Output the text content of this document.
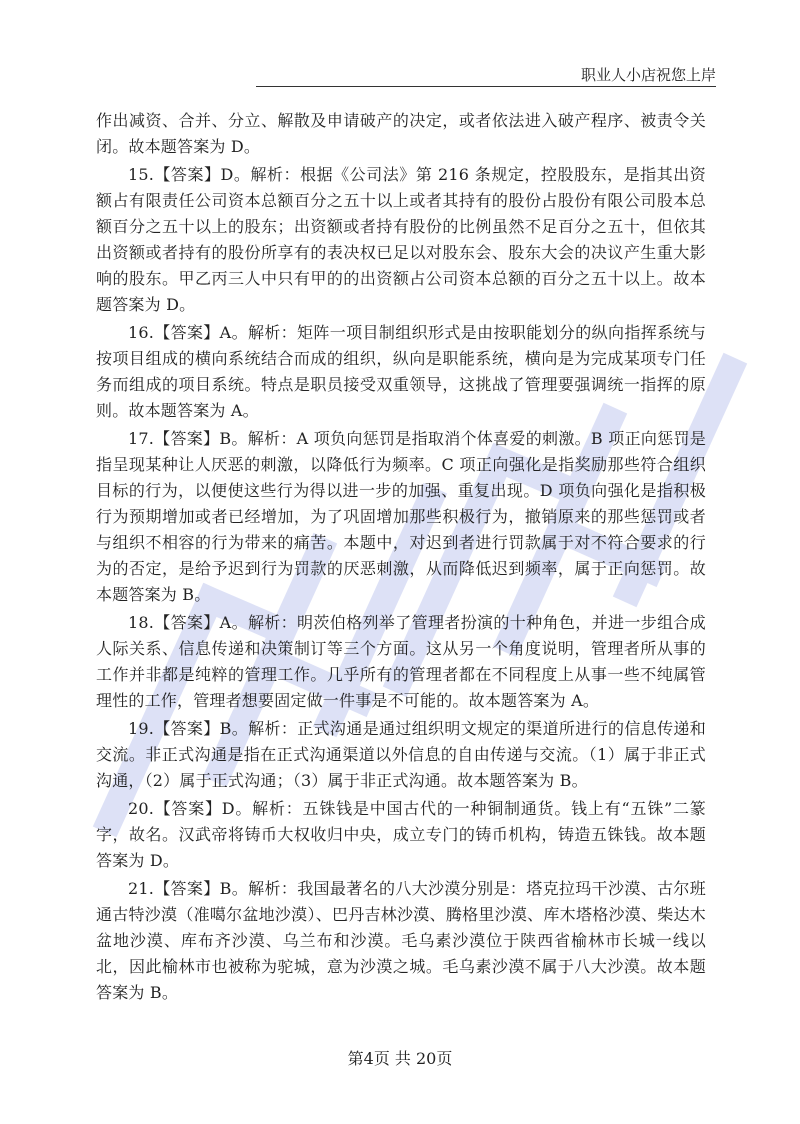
职业人小店祝您上岸

作出减资、合并、分立、解散及申请破产的决定，或者依法进入破产程序、被责令关闭。故本题答案为 D。

15.【答案】D。解析：根据《公司法》第 216 条规定，控股股东，是指其出资额占有限责任公司资本总额百分之五十以上或者其持有的股份占股份有限公司股本总额百分之五十以上的股东；出资额或者持有股份的比例虽然不足百分之五十，但依其出资额或者持有的股份所享有的表决权已足以对股东会、股东大会的决议产生重大影响的股东。甲乙丙三人中只有甲的的出资额占公司资本总额的百分之五十以上。故本题答案为 D。

16.【答案】A。解析：矩阵一项目制组织形式是由按职能划分的纵向指挥系统与按项目组成的横向系统结合而成的组织，纵向是职能系统，横向是为完成某项专门任务而组成的项目系统。特点是职员接受双重领导，这挑战了管理要强调统一指挥的原则。故本题答案为 A。

17.【答案】B。解析：A 项负向惩罚是指取消个体喜爱的刺激。B 项正向惩罚是指呈现某种让人厌恶的刺激，以降低行为频率。C 项正向强化是指奖励那些符合组织目标的行为，以便使这些行为得以进一步的加强、重复出现。D 项负向强化是指积极行为预期增加或者已经增加，为了巩固增加那些积极行为，撤销原来的那些惩罚或者与组织不相容的行为带来的痛苦。本题中，对迟到者进行罚款属于对不符合要求的行为的否定，是给予迟到行为罚款的厌恶刺激，从而降低迟到频率，属于正向惩罚。故本题答案为 B。

18.【答案】A。解析：明茨伯格列举了管理者扮演的十种角色，并进一步组合成人际关系、信息传递和决策制订等三个方面。这从另一个角度说明，管理者所从事的工作并非都是纯粹的管理工作。几乎所有的管理者都在不同程度上从事一些不纯属管理性的工作，管理者想要固定做一件事是不可能的。故本题答案为 A。

19.【答案】B。解析：正式沟通是通过组织明文规定的渠道所进行的信息传递和交流。非正式沟通是指在正式沟通渠道以外信息的自由传递与交流。（1）属于非正式沟通，（2）属于正式沟通；（3）属于非正式沟通。故本题答案为 B。

20.【答案】D。解析：五铢钱是中国古代的一种铜制通货。钱上有“五铢”二篆字，故名。汉武帝将铸币大权收归中央，成立专门的铸币机构，铸造五铢钱。故本题答案为 D。

21.【答案】B。解析：我国最著名的八大沙漠分别是：塔克拉玛干沙漠、古尔班通古特沙漠（准噶尔盆地沙漠）、巴丹吉林沙漠、腾格里沙漠、库木塔格沙漠、柴达木盆地沙漠、库布齐沙漠、乌兰布和沙漠。毛乌素沙漠位于陕西省榆林市长城一线以北，因此榆林市也被称为驼城，意为沙漠之城。毛乌素沙漠不属于八大沙漠。故本题答案为 B。

第4页 共 20页
